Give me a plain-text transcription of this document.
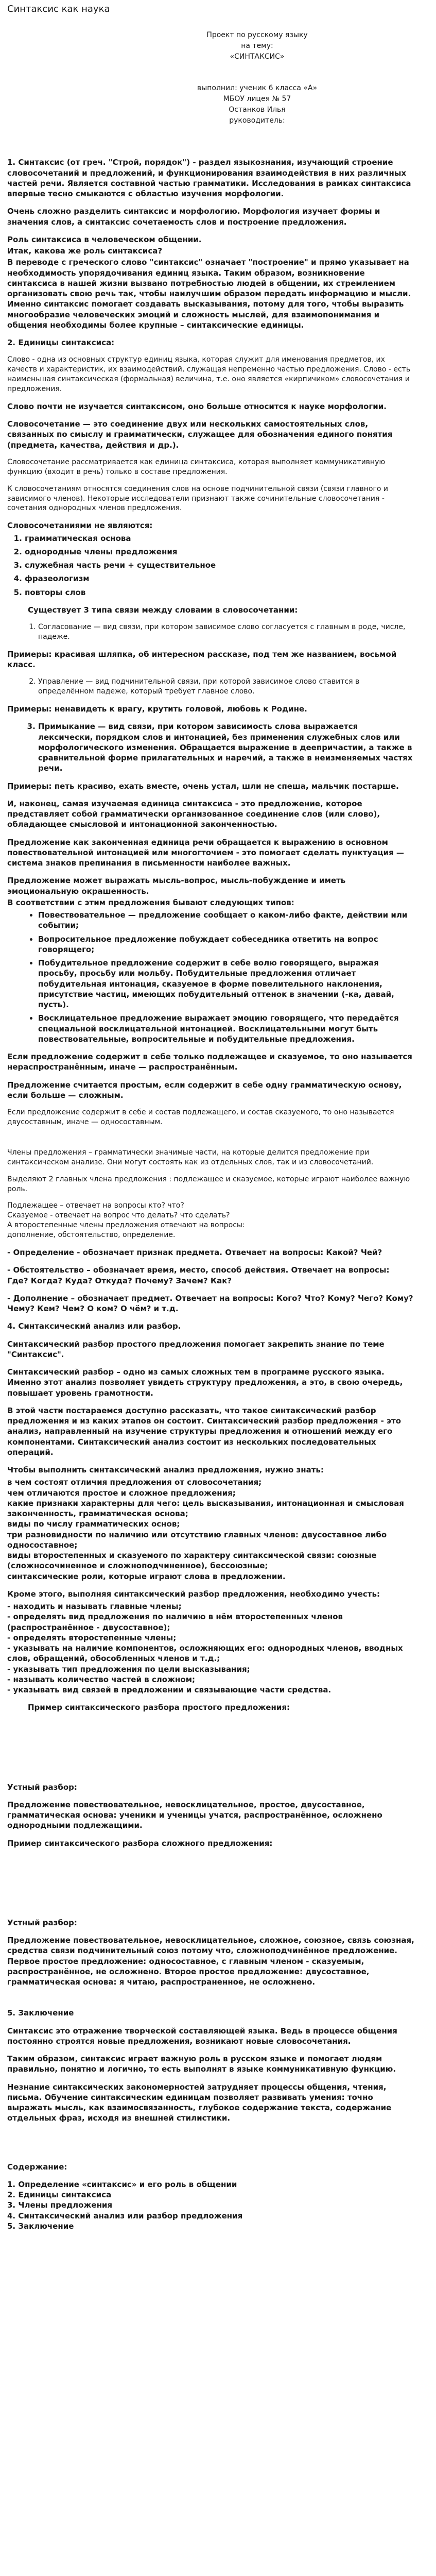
Синтаксис как наука
Проект по русскому языку
на тему:
«СИНТАКСИС»
выполнил: ученик 6 класса «А»
МБОУ лицея № 57
Останков Илья
руководитель:
1. Синтаксис (от греч. "Строй, порядок") - раздел языкознания, изучающий строение словосочетаний и предложений, и функционирования взаимодействия в них различных частей речи. Является составной частью грамматики. Исследования в рамках синтаксиса впервые тесно смыкаются с областью изучения морфологии.
Очень сложно разделить синтаксис и морфологию. Морфология изучает формы и значения слов, а синтаксис сочетаемость слов и построение предложения.
Роль синтаксиса в человеческом общении.
Итак, какова же роль синтаксиса?
В переводе с греческого слово "синтаксис" означает "построение" и прямо указывает на необходимость упорядочивания единиц языка. Таким образом, возникновение синтаксиса в нашей жизни вызвано потребностью людей в общении, их стремлением организовать свою речь так, чтобы наилучшим образом передать информацию и мысли. Именно синтаксис помогает создавать высказывания, потому для того, чтобы выразить многообразие человеческих эмоций и сложность мыслей, для взаимопонимания и общения необходимы более крупные – синтаксические единицы.
2. Единицы синтаксиса:
Слово - одна из основных структур единиц языка, которая служит для именования предметов, их качеств и характеристик, их взаимодействий, служащая непременно частью предложения. Слово - есть наименьшая синтаксическая (формальная) величина, т.е. оно является «кирпичиком» словосочетания и предложения.
Слово почти не изучается синтаксисом, оно больше относится к науке морфологии.
Словосочетание — это соединение двух или нескольких самостоятельных слов, связанных по смыслу и грамматически, служащее для обозначения единого понятия (предмета, качества, действия и др.).
Словосочетание рассматривается как единица синтаксиса, которая выполняет коммуникативную функцию (входит в речь) только в составе предложения.
К словосочетаниям относятся соединения слов на основе подчинительной связи (связи главного и зависимого членов). Некоторые исследователи признают также сочинительные словосочетания - сочетания однородных членов предложения.
Словосочетаниями не являются:
1. грамматическая основа
2. однородные члены предложения
3. служебная часть речи + существительное
4. фразеологизм
5. повторы слов
Существует 3 типа связи между словами в словосочетании:
1. Согласование — вид связи, при котором зависимое слово согласуется с главным в роде, числе, падеже.
Примеры: красивая шляпка, об интересном рассказе, под тем же названием, восьмой класс.
2. Управление — вид подчинительной связи, при которой зависимое слово ставится в определённом падеже, который требует главное слово.
Примеры: ненавидеть к врагу, крутить головой, любовь к Родине.
3. Примыкание — вид связи, при котором зависимость слова выражается лексически, порядком слов и интонацией, без применения служебных слов или морфологического изменения. Обращается выражение в деепричастии, а также в сравнительной форме прилагательных и наречий, а также в неизменяемых частях речи.
Примеры: петь красиво, ехать вместе, очень устал, шли не спеша, мальчик постарше.
И, наконец, самая изучаемая единица синтаксиса - это предложение, которое представляет собой грамматически организованное соединение слов (или слово), обладающее смысловой и интонационной законченностью.
Предложение как законченная единица речи обращается к выражению в основном повествовательной интонацией или многогточием - это помогает сделать пунктуация — система знаков препинания в письменности наиболее важных.
Предложение может выражать мысль-вопрос, мысль-побуждение и иметь эмоциональную окрашенность.
В соответствии с этим предложения бывают следующих типов:
• Повествовательное — предложение сообщает о каком-либо факте, действии или событии;
• Вопросительное предложение побуждает собеседника ответить на вопрос говорящего;
• Побудительное предложение содержит в себе волю говорящего, выражая просьбу, просьбу или мольбу. Побудительные предложения отличает побудительная интонация, сказуемое в форме повелительного наклонения, присутствие частиц, имеющих побудительный оттенок в значении (-ка, давай, пусть).
• Восклицательное предложение выражает эмоцию говорящего, что передаётся специальной восклицательной интонацией. Восклицательными могут быть повествовательные, вопросительные и побудительные предложения.
Если предложение содержит в себе только подлежащее и сказуемое, то оно называется нераспространённым, иначе — распространённым.
Предложение считается простым, если содержит в себе одну грамматическую основу, если больше — сложным.
Если предложение содержит в себе и состав подлежащего, и состав сказуемого, то оно называется двусоставным, иначе — односоставным.
Члены предложения – грамматически значимые части, на которые делится предложение при синтаксическом анализе. Они могут состоять как из отдельных слов, так и из словосочетаний.
Выделяют 2 главных члена предложения : подлежащее и сказуемое, которые играют наиболее важную роль.
Подлежащее – отвечает на вопросы кто? что?
Сказуемое - отвечает на вопрос что делать? что сделать?
А второстепенные члены предложения отвечают на вопросы:
дополнение, обстоятельство, определение.
- Определение - обозначает признак предмета. Отвечает на вопросы: Какой? Чей?
- Обстоятельство – обозначает время, место, способ действия. Отвечает на вопросы:
Где? Когда? Куда? Откуда? Почему? Зачем? Как?
- Дополнение – обозначает предмет. Отвечает на вопросы: Кого? Что? Кому? Чего? Кому? Чему? Кем? Чем? О ком? О чём? и т.д.
4. Синтаксический анализ или разбор.
Синтаксический разбор простого предложения помогает закрепить знание по теме "Синтаксис".
Синтаксический разбор – одно из самых сложных тем в программе русского языка.
Именно этот анализ позволяет увидеть структуру предложения, а это, в свою очередь, повышает уровень грамотности.
В этой части постараемся доступно рассказать, что такое синтаксический разбор предложения и из каких этапов он состоит. Синтаксический разбор предложения - это анализ, направленный на изучение структуры предложения и отношений между его компонентами. Синтаксический анализ состоит из нескольких последовательных операций.
Чтобы выполнить синтаксический анализ предложения, нужно знать:
в чем состоят отличия предложения от словосочетания;
чем отличаются простое и сложное предложения;
какие признаки характерны для чего: цель высказывания, интонационная и смысловая законченность, грамматическая основа;
виды по числу грамматических основ;
три разновидности по наличию или отсутствию главных членов: двусоставное либо односоставное;
виды второстепенных и сказуемого по характеру синтаксической связи: союзные (сложносочиненное и сложноподчиненное), бессоюзные;
синтаксические роли, которые играют слова в предложении.
Кроме этого, выполняя синтаксический разбор предложения, необходимо учесть:
- находить и называть главные члены;
- определять вид предложения по наличию в нём второстепенных членов (распространённое - двусоставное);
- определять второстепенные члены;
- указывать на наличие компонентов, осложняющих его: однородных членов, вводных слов, обращений, обособленных членов и т.д.;
- указывать тип предложения по цели высказывания;
- называть количество частей в сложном;
- указывать вид связей в предложении и связывающие части средства.
Пример синтаксического разбора простого предложения:
Устный разбор:
Предложение повествовательное, невосклицательное, простое, двусоставное, грамматическая основа: ученики и ученицы учатся, распространённое, осложнено однородными подлежащими.
Пример синтаксического разбора сложного предложения:
Устный разбор:
Предложение повествовательное, невосклицательное, сложное, союзное, связь союзная, средства связи подчинительный союз потому что, сложноподчинённое предложение. Первое простое предложение: односоставное, с главным членом - сказуемым, распространённое, не осложнено. Второе простое предложение: двусоставное, грамматическая основа: я читаю, распространенное, не осложнено.
5. Заключение
Синтаксис это отражение творческой составляющей языка. Ведь в процессе общения постоянно строятся новые предложения, возникают новые словосочетания.
Таким образом, синтаксис играет важную роль в русском языке и помогает людям правильно, понятно и логично, то есть выполнят в языке коммуникативную функцию.
Незнание синтаксических закономерностей затрудняет процессы общения, чтения, письма. Обучение синтаксическим единицам позволяет развивать умения: точно выражать мысль, как взаимосвязанность, глубокое содержание текста, содержание отдельных фраз, исходя из внешней стилистики.
Содержание:
1. Определение «синтаксис» и его роль в общении
2. Единицы синтаксиса
3. Члены предложения
4. Синтаксический анализ или разбор предложения
5. Заключение
